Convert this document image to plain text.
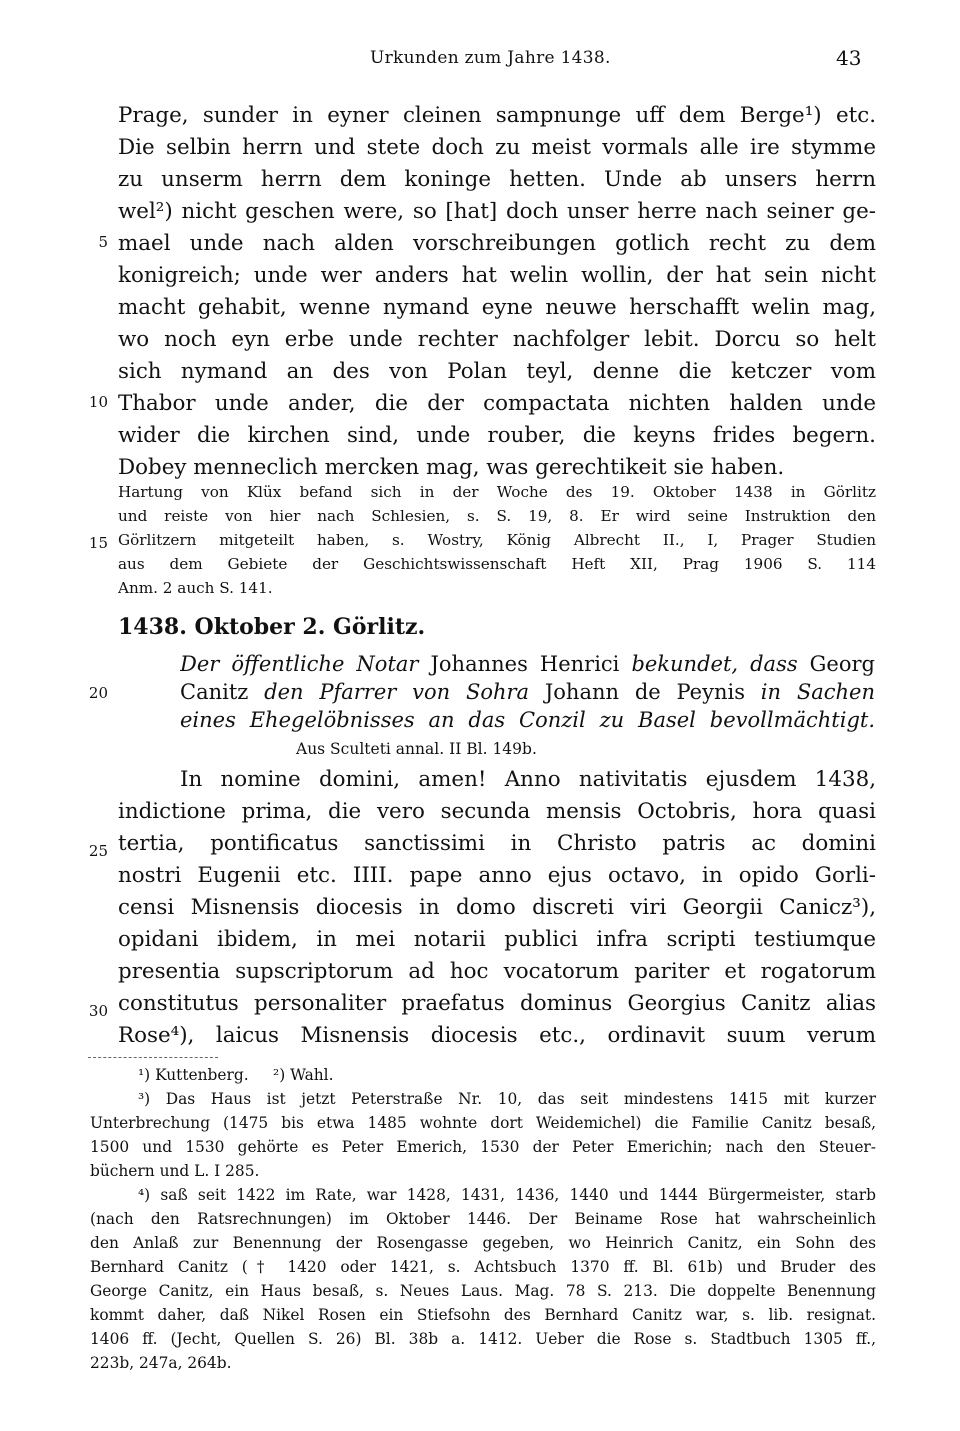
Urkunden zum Jahre 1438.	43
Prage, sunder in eyner cleinen sampnunge uff dem Berge¹) etc.
Die selbin herrn und stete doch zu meist vormals alle ire stymme
zu unserm herrn dem koninge hetten. Unde ab unsers herrn
wel²) nicht geschen were, so [hat] doch unser herre nach seiner ge-
mael unde nach alden vorschreibungen gotlich recht zu dem
konigreich; unde wer anders hat welin wollin, der hat sein nicht
macht gehabit, wenne nymand eyne neuwe herschafft welin mag,
wo noch eyn erbe unde rechter nachfolger lebit. Dorcu so helt
sich nymand an des von Polan teyl, denne die ketczer vom
Thabor unde ander, die der compactata nichten halden unde
wider die kirchen sind, unde rouber, die keyns frides begern.
Dobey menneclich mercken mag, was gerechtikeit sie haben.
Hartung von Klüx befand sich in der Woche des 19. Oktober 1438 in Görlitz
und reiste von hier nach Schlesien, s. S. 19, 8. Er wird seine Instruktion den
Görlitzern mitgeteilt haben, s. Wostry, König Albrecht II., I, Prager Studien
aus dem Gebiete der Geschichtswissenschaft Heft XII, Prag 1906 S. 114
Anm. 2 auch S. 141.
1438. Oktober 2. Görlitz.
Der öffentliche Notar Johannes Henrici bekundet, dass Georg
Canitz den Pfarrer von Sohra Johann de Peynis in Sachen
eines Ehegelöbnisses an das Conzil zu Basel bevollmächtigt.
Aus Sculteti annal. II Bl. 149b.
In nomine domini, amen! Anno nativitatis ejusdem 1438,
indictione prima, die vero secunda mensis Octobris, hora quasi
tertia, pontificatus sanctissimi in Christo patris ac domini
nostri Eugenii etc. IIII. pape anno ejus octavo, in opido Gorli-
censi Misnensis diocesis in domo discreti viri Georgii Canicz³),
opidani ibidem, in mei notarii publici infra scripti testiumque
presentia supscriptorum ad hoc vocatorum pariter et rogatorum
constitutus personaliter praefatus dominus Georgius Canitz alias
Rose⁴), laicus Misnensis diocesis etc., ordinavit suum verum
5
10
15
20
25
30
¹) Kuttenberg.     ²) Wahl.
³) Das Haus ist jetzt Peterstraße Nr. 10, das seit mindestens 1415 mit kurzer
Unterbrechung (1475 bis etwa 1485 wohnte dort Weidemichel) die Familie Canitz besaß,
1500 und 1530 gehörte es Peter Emerich, 1530 der Peter Emerichin; nach den Steuer-
büchern und L. I 285.
⁴) saß seit 1422 im Rate, war 1428, 1431, 1436, 1440 und 1444 Bürgermeister, starb
(nach den Ratsrechnungen) im Oktober 1446. Der Beiname Rose hat wahrscheinlich
den Anlaß zur Benennung der Rosengasse gegeben, wo Heinrich Canitz, ein Sohn des
Bernhard Canitz († 1420 oder 1421, s. Achtsbuch 1370 ff. Bl. 61b) und Bruder des
George Canitz, ein Haus besaß, s. Neues Laus. Mag. 78 S. 213. Die doppelte Benennung
kommt daher, daß Nikel Rosen ein Stiefsohn des Bernhard Canitz war, s. lib. resignat.
1406 ff. (Jecht, Quellen S. 26) Bl. 38b a. 1412. Ueber die Rose s. Stadtbuch 1305 ff.,
223b, 247a, 264b.
